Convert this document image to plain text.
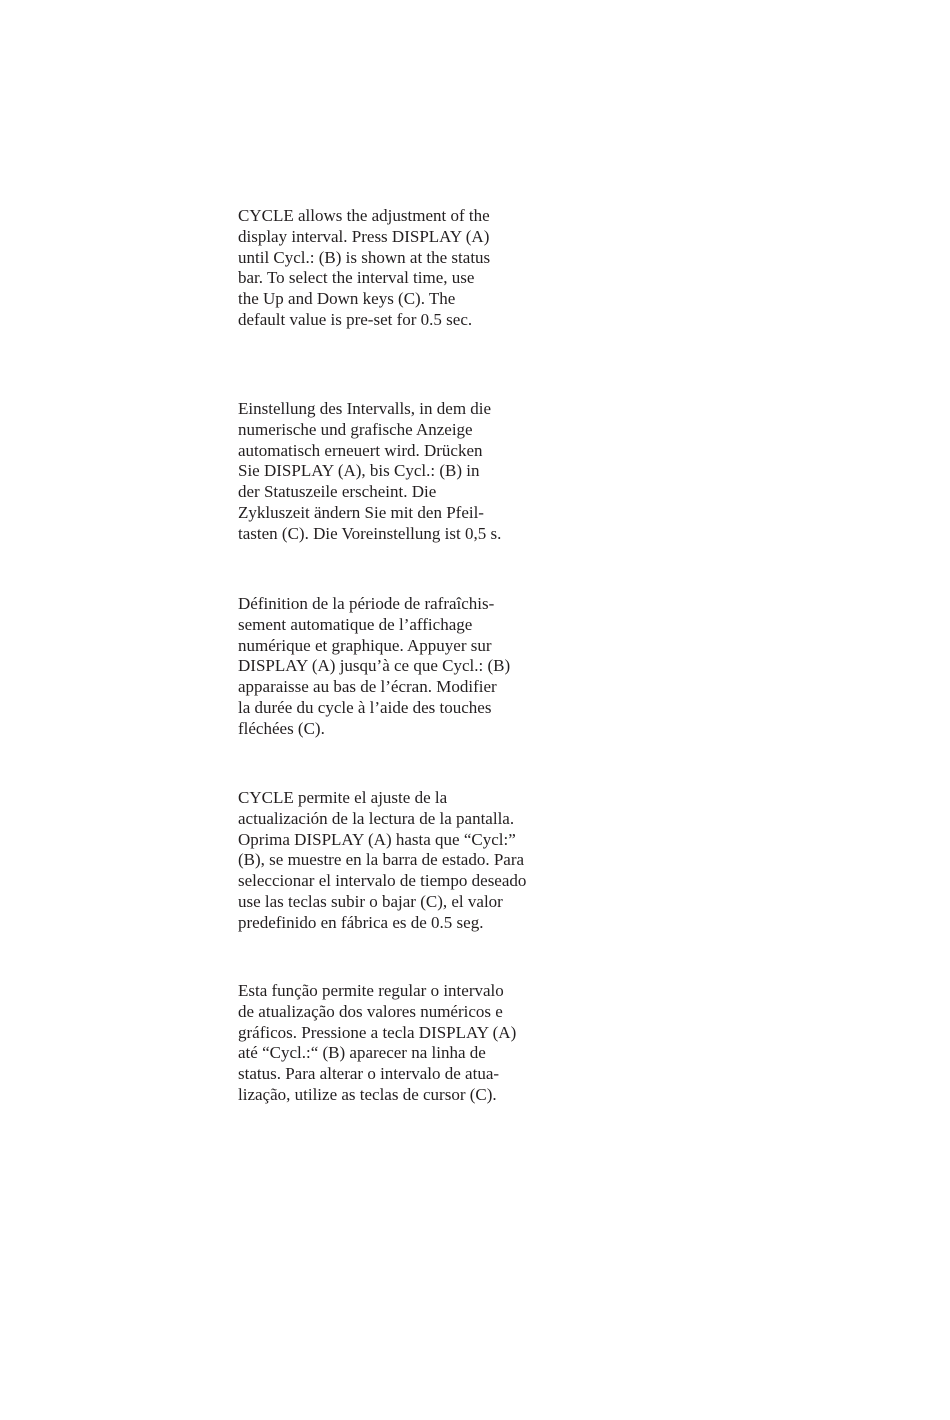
CYCLE allows the adjustment of the
display interval. Press DISPLAY (A)
until Cycl.: (B) is shown at the status
bar. To select the interval time, use
the Up and Down keys (C). The
default value is pre-set for 0.5 sec.
Einstellung des Intervalls, in dem die
numerische und grafische Anzeige
automatisch erneuert wird. Drücken
Sie DISPLAY (A), bis Cycl.: (B) in
der Statuszeile erscheint. Die
Zykluszeit ändern Sie mit den Pfeil-
tasten (C). Die Voreinstellung ist 0,5 s.
Définition de la période de rafraîchis-
sement automatique de l’affichage
numérique et graphique. Appuyer sur
DISPLAY (A) jusqu’à ce que Cycl.: (B)
apparaisse au bas de l’écran. Modifier
la durée du cycle à l’aide des touches
fléchées (C).
CYCLE permite el ajuste de la
actualización de la lectura de la pantalla.
Oprima DISPLAY (A) hasta que “Cycl:”
(B), se muestre en la barra de estado. Para
seleccionar el intervalo de tiempo deseado
use las teclas subir o bajar (C), el valor
predefinido en fábrica es de 0.5 seg.
Esta função permite regular o intervalo
de atualização dos valores numéricos e
gráficos. Pressione a tecla DISPLAY (A)
até “Cycl.:“ (B) aparecer na linha de
status. Para alterar o intervalo de atua-
lização, utilize as teclas de cursor (C).
